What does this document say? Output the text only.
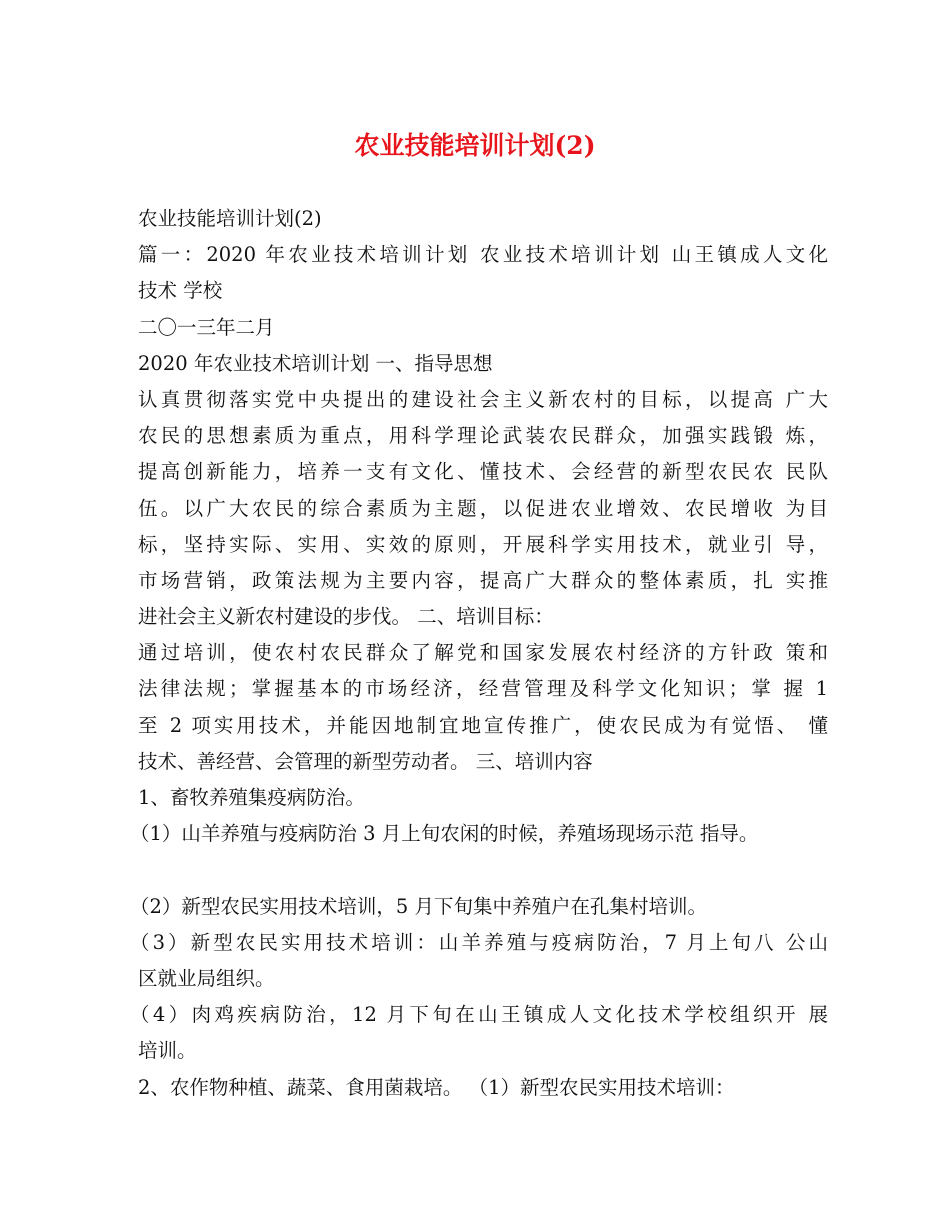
农业技能培训计划(2)
农业技能培训计划(2)
篇一：2020 年农业技术培训计划 农业技术培训计划 山王镇成人文化
技术 学校
二〇一三年二月
2020 年农业技术培训计划 一、指导思想
认真贯彻落实党中央提出的建设社会主义新农村的目标，以提高 广大
农民的思想素质为重点，用科学理论武装农民群众，加强实践锻 炼，
提高创新能力，培养一支有文化、懂技术、会经营的新型农民农 民队
伍。以广大农民的综合素质为主题，以促进农业增效、农民增收 为目
标，坚持实际、实用、实效的原则，开展科学实用技术，就业引 导，
市场营销，政策法规为主要内容，提高广大群众的整体素质，扎 实推
进社会主义新农村建设的步伐。 二、培训目标：
通过培训，使农村农民群众了解党和国家发展农村经济的方针政 策和
法律法规；掌握基本的市场经济，经营管理及科学文化知识；掌 握 1
至 2 项实用技术，并能因地制宜地宣传推广，使农民成为有觉悟、 懂
技术、善经营、会管理的新型劳动者。 三、培训内容
1、畜牧养殖集疫病防治。
（1）山羊养殖与疫病防治 3 月上旬农闲的时候，养殖场现场示范 指导。
（2）新型农民实用技术培训，5 月下旬集中养殖户在孔集村培训。
（3）新型农民实用技术培训：山羊养殖与疫病防治，7 月上旬八 公山
区就业局组织。
（4）肉鸡疾病防治，12 月下旬在山王镇成人文化技术学校组织开 展
培训。
2、农作物种植、蔬菜、食用菌栽培。 （1）新型农民实用技术培训：
